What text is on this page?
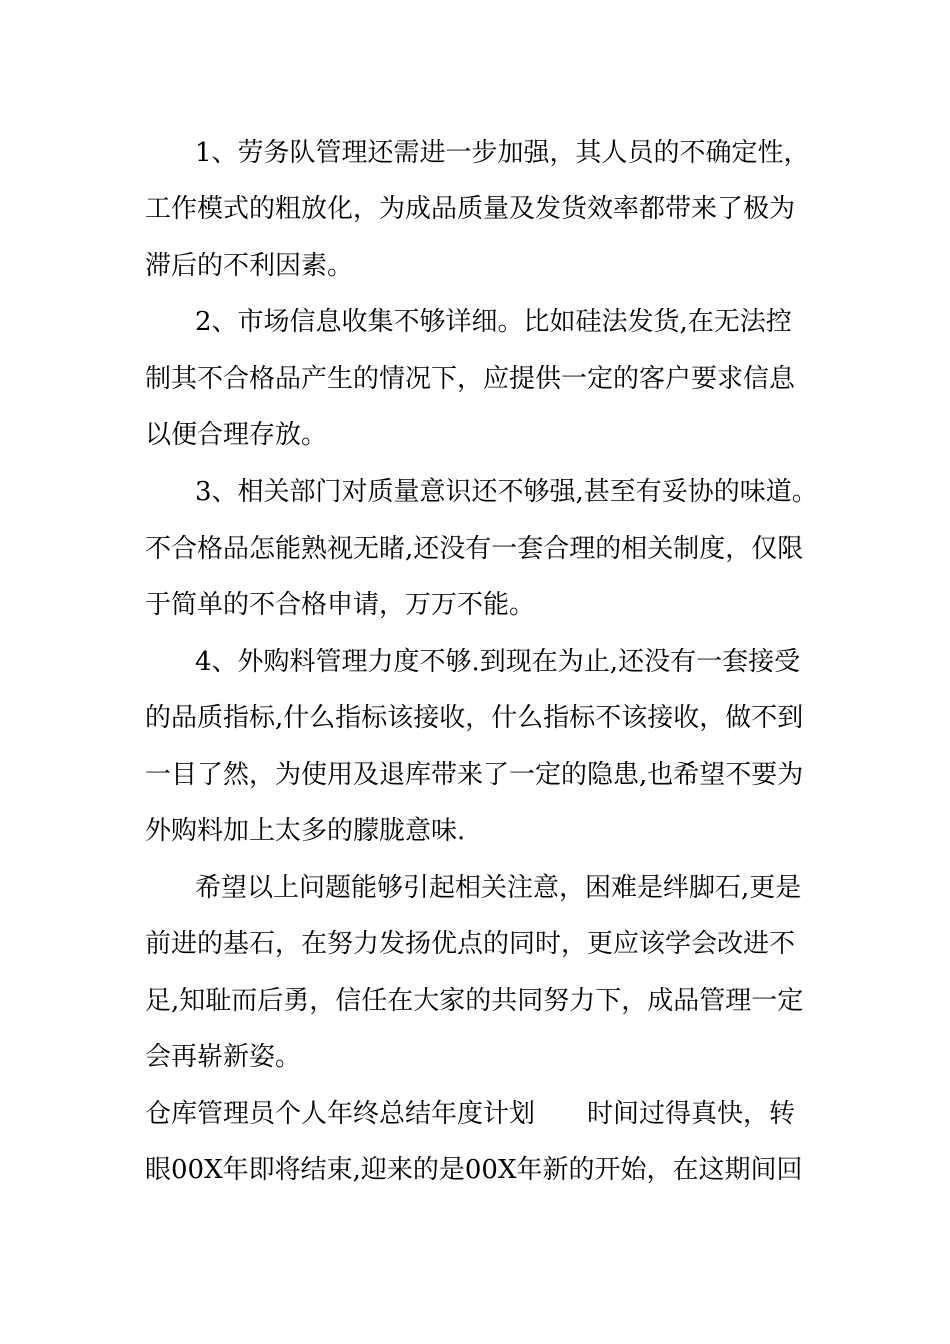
1、劳务队管理还需进一步加强，其人员的不确定性，

工作模式的粗放化，为成品质量及发货效率都带来了极为

滞后的不利因素。

2、市场信息收集不够详细。比如硅法发货,在无法控

制其不合格品产生的情况下，应提供一定的客户要求信息

以便合理存放。

3、相关部门对质量意识还不够强,甚至有妥协的味道。

不合格品怎能熟视无睹,还没有一套合理的相关制度，仅限

于简单的不合格申请，万万不能。

4、外购料管理力度不够.到现在为止,还没有一套接受

的品质指标,什么指标该接收，什么指标不该接收，做不到

一目了然，为使用及退库带来了一定的隐患,也希望不要为

外购料加上太多的朦胧意味.

希望以上问题能够引起相关注意，困难是绊脚石,更是

前进的基石，在努力发扬优点的同时，更应该学会改进不

足,知耻而后勇，信任在大家的共同努力下，成品管理一定

会再崭新姿。

仓库管理员个人年终总结年度计划　　时间过得真快，转

眼00X年即将结束,迎来的是00X年新的开始，在这期间回
